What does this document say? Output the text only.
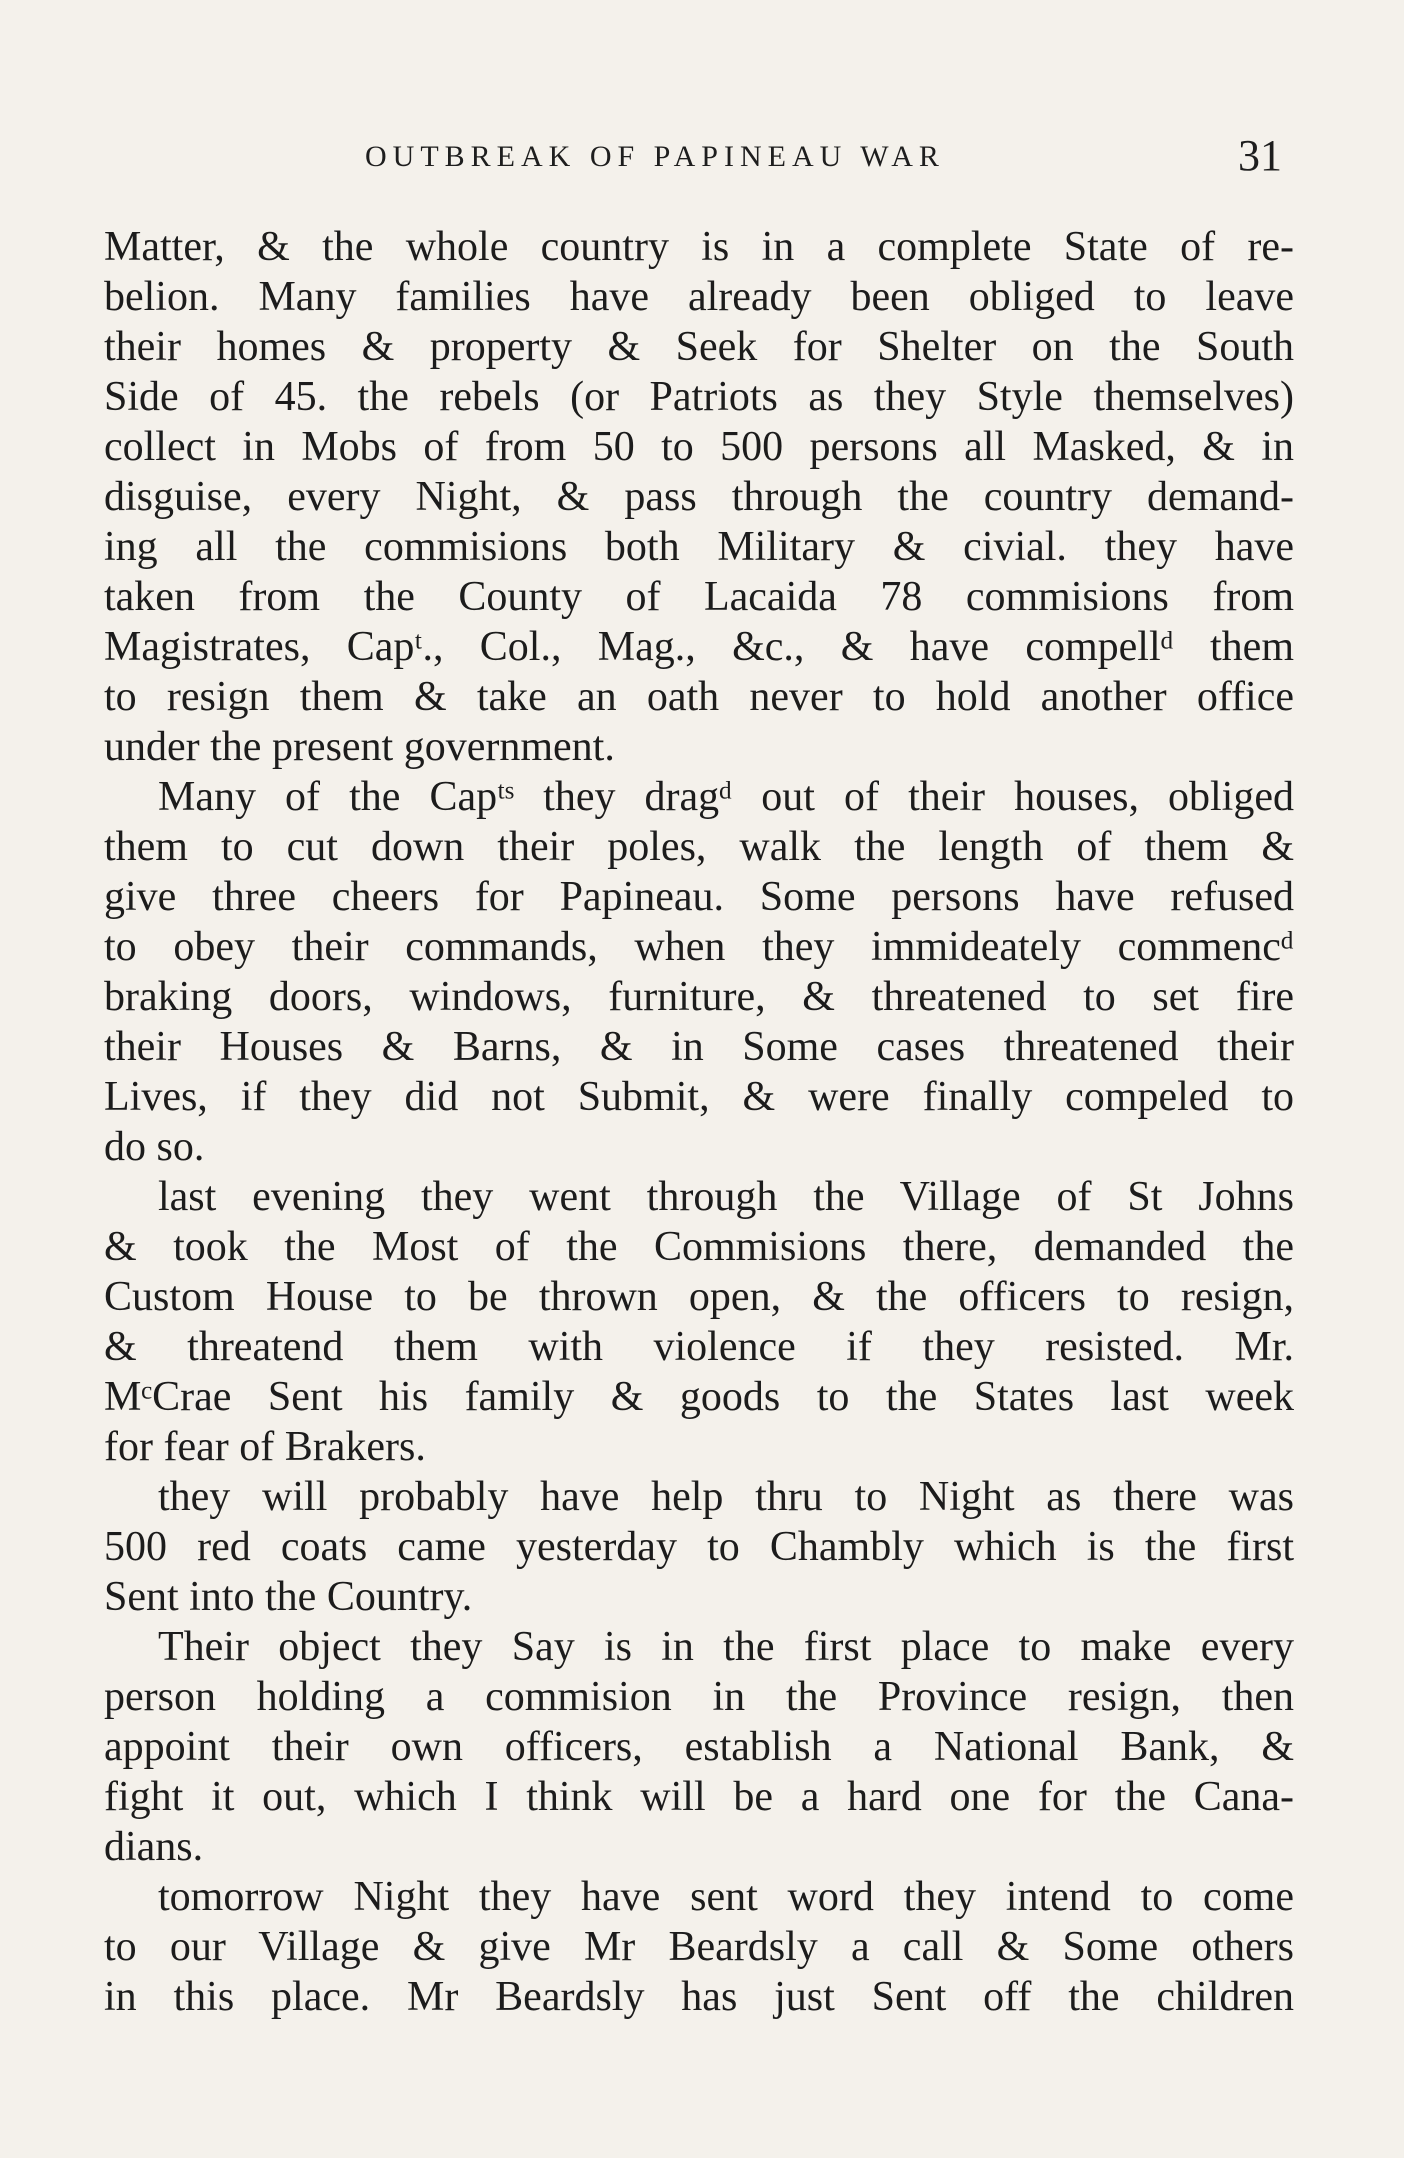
OUTBREAK OF PAPINEAU WAR	31
Matter, & the whole country is in a complete State of re-
belion. Many families have already been obliged to leave
their homes & property & Seek for Shelter on the South
Side of 45. the rebels (or Patriots as they Style themselves)
collect in Mobs of from 50 to 500 persons all Masked, & in
disguise, every Night, & pass through the country demand-
ing all the commisions both Military & civial. they have
taken from the County of Lacaida 78 commisions from
Magistrates, Capᵗ., Col., Mag., &c., & have compellᵈ them
to resign them & take an oath never to hold another office
under the present government.
Many of the Capᵗˢ they dragᵈ out of their houses, obliged
them to cut down their poles, walk the length of them &
give three cheers for Papineau. Some persons have refused
to obey their commands, when they immideately commencᵈ
braking doors, windows, furniture, & threatened to set fire
their Houses & Barns, & in Some cases threatened their
Lives, if they did not Submit, & were finally compeled to
do so.
last evening they went through the Village of St Johns
& took the Most of the Commisions there, demanded the
Custom House to be thrown open, & the officers to resign,
& threatend them with violence if they resisted. Mr.
MᶜCrae Sent his family & goods to the States last week
for fear of Brakers.
they will probably have help thru to Night as there was
500 red coats came yesterday to Chambly which is the first
Sent into the Country.
Their object they Say is in the first place to make every
person holding a commision in the Province resign, then
appoint their own officers, establish a National Bank, &
fight it out, which I think will be a hard one for the Cana-
dians.
tomorrow Night they have sent word they intend to come
to our Village & give Mr Beardsly a call & Some others
in this place. Mr Beardsly has just Sent off the children
